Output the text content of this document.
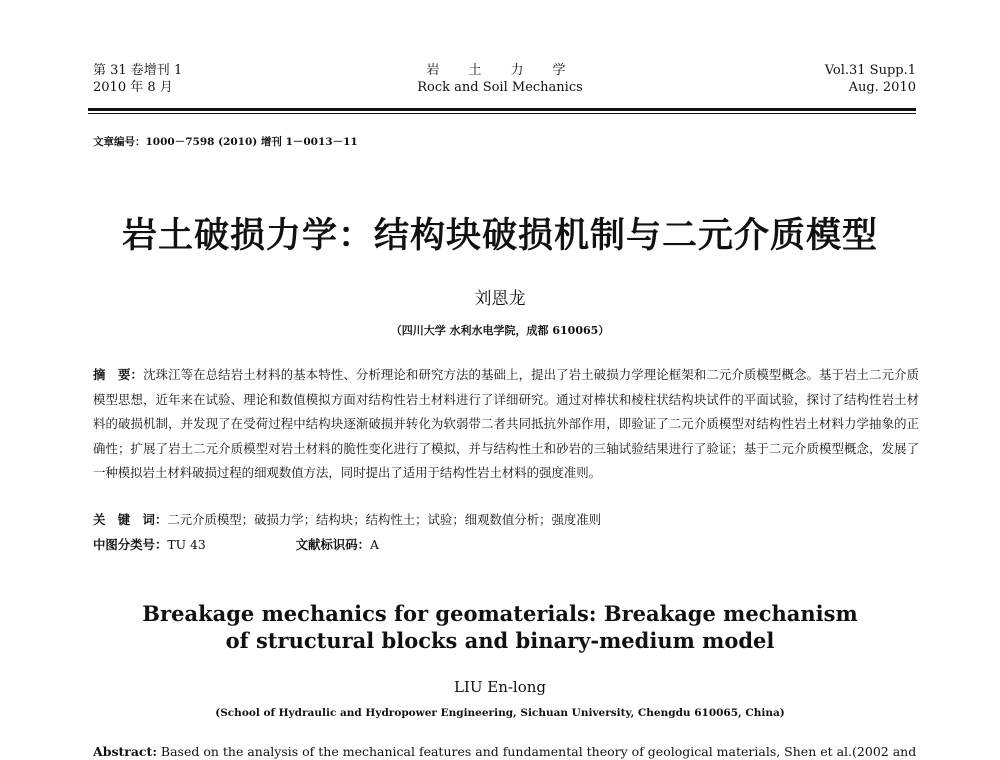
第 31 卷增刊 1
2010 年 8 月
岩　土　力　学
Rock and Soil Mechanics
Vol.31 Supp.1
Aug. 2010
文章编号：1000－7598 (2010) 增刊 1－0013－11
岩土破损力学：结构块破损机制与二元介质模型
刘恩龙
（四川大学 水利水电学院，成都 610065）
摘　要：沈珠江等在总结岩土材料的基本特性、分析理论和研究方法的基础上，提出了岩土破损力学理论框架和二元介质模型概念。基于岩土二元介质模型思想，近年来在试验、理论和数值模拟方面对结构性岩土材料进行了详细研究。通过对棒状和棱柱状结构块试件的平面试验，探讨了结构性岩土材料的破损机制，并发现了在受荷过程中结构块逐渐破损并转化为软弱带二者共同抵抗外部作用，即验证了二元介质模型对结构性岩土材料力学抽象的正确性；扩展了岩土二元介质模型对岩土材料的脆性变化进行了模拟，并与结构性土和砂岩的三轴试验结果进行了验证；基于二元介质模型概念，发展了一种模拟岩土材料破损过程的细观数值方法，同时提出了适用于结构性岩土材料的强度准则。
关　键　词：二元介质模型；破损力学；结构块；结构性土；试验；细观数值分析；强度准则
中图分类号：TU 43	文献标识码：A
Breakage mechanics for geomaterials: Breakage mechanism
of structural blocks and binary-medium model
LIU En-long
(School of Hydraulic and Hydropower Engineering, Sichuan University, Chengdu 610065, China)
Abstract: Based on the analysis of the mechanical features and fundamental theory of geological materials, Shen et al.(2002 and
